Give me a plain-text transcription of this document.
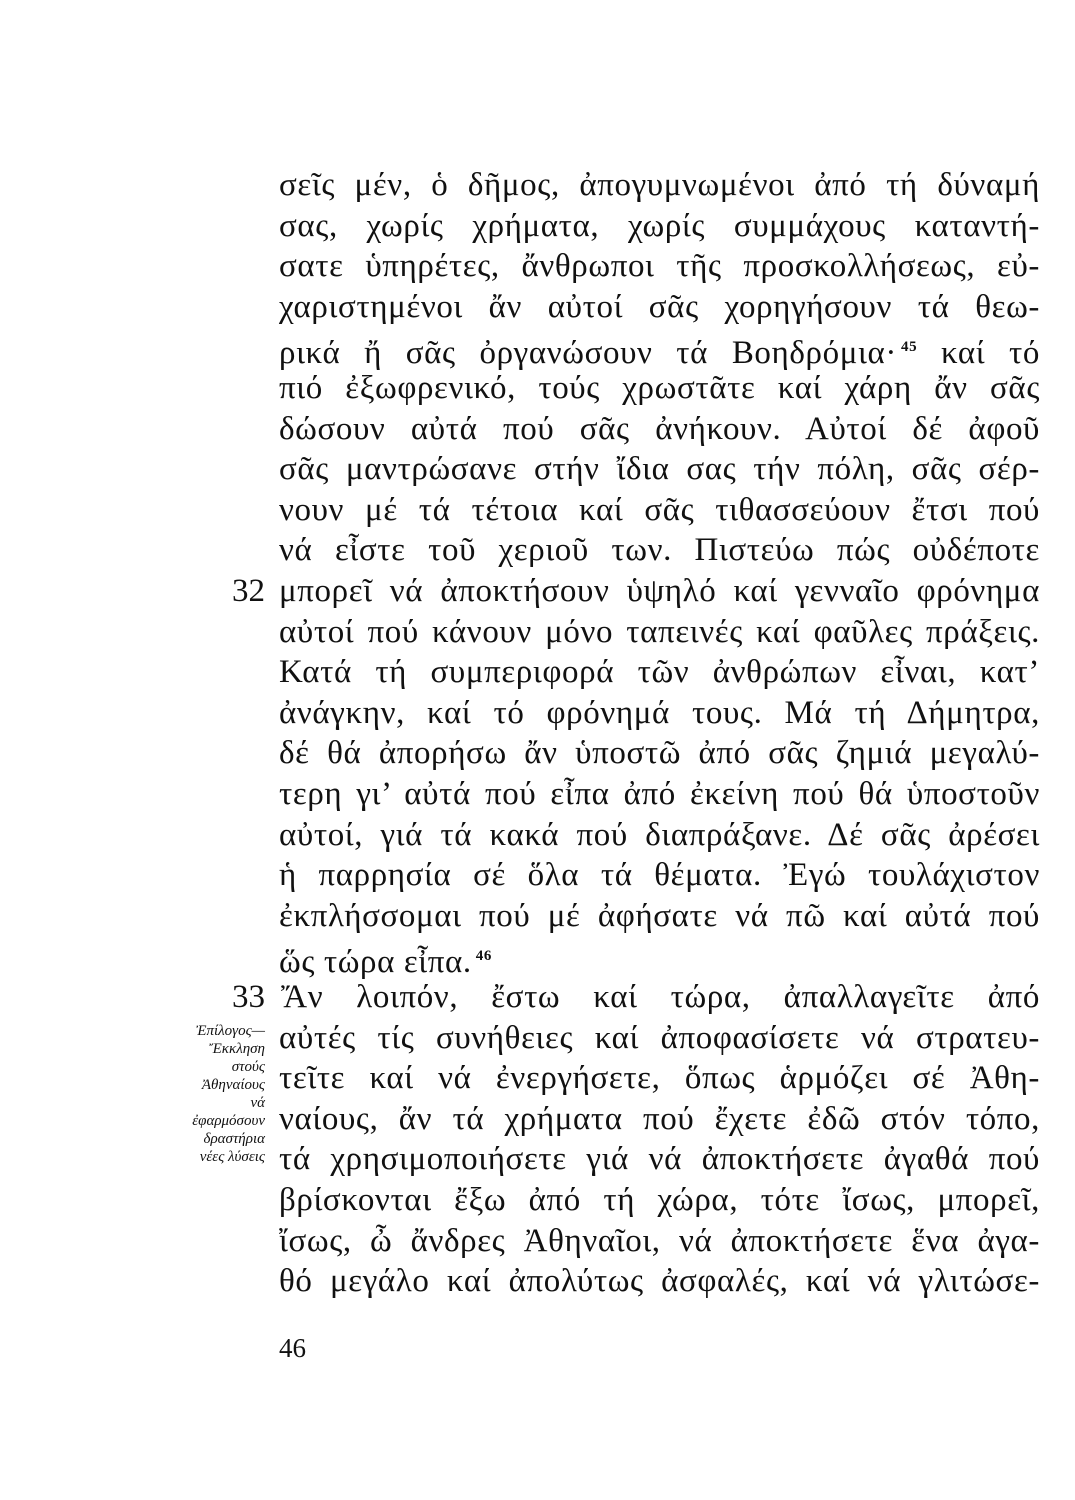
σεῖς μέν, ὁ δῆμος, ἀπογυμνωμένοι ἀπό τή δύναμή
σας, χωρίς χρήματα, χωρίς συμμάχους καταντή-
σατε ὑπηρέτες, ἄνθρωποι τῆς προσκολλήσεως, εὐ-
χαριστημένοι ἄν αὐτοί σᾶς χορηγήσουν τά θεω-
ρικά ἤ σᾶς ὀργανώσουν τά Βοηδρόμια· $^{45}$ καί τό
πιό ἐξωφρενικό, τούς χρωστᾶτε καί χάρη ἄν σᾶς
δώσουν αὐτά πού σᾶς ἀνήκουν. Αὐτοί δέ ἀφοῦ
σᾶς μαντρώσανε στήν ἴδια σας τήν πόλη, σᾶς σέρ-
νουν μέ τά τέτοια καί σᾶς τιθασσεύουν ἔτσι πού
νά εἶστε τοῦ χεριοῦ των. Πιστεύω πώς οὐδέποτε
μπορεῖ νά ἀποκτήσουν ὑψηλό καί γενναῖο φρόνημα
αὐτοί πού κάνουν μόνο ταπεινές καί φαῦλες πράξεις.
Κατά τή συμπεριφορά τῶν ἀνθρώπων εἶναι, κατ’
ἀνάγκην, καί τό φρόνημά τους. Μά τή Δήμητρα,
δέ θά ἀπορήσω ἄν ὑποστῶ ἀπό σᾶς ζημιά μεγαλύ-
τερη γι’ αὐτά πού εἶπα ἀπό ἐκείνη πού θά ὑποστοῦν
αὐτοί, γιά τά κακά πού διαπράξανε. Δέ σᾶς ἀρέσει
ἡ παρρησία σέ ὅλα τά θέματα. Ἐγώ τουλάχιστον
ἐκπλήσσομαι πού μέ ἀφήσατε νά πῶ καί αὐτά πού
ὥς τώρα εἶπα. $^{46}$
Ἄν λοιπόν, ἔστω καί τώρα, ἀπαλλαγεῖτε ἀπό
αὐτές τίς συνήθειες καί ἀποφασίσετε νά στρατευ-
τεῖτε καί νά ἐνεργήσετε, ὅπως ἁρμόζει σέ Ἀθη-
ναίους, ἄν τά χρήματα πού ἔχετε ἐδῶ στόν τόπο,
τά χρησιμοποιήσετε γιά νά ἀποκτήσετε ἀγαθά πού
βρίσκονται ἔξω ἀπό τή χώρα, τότε ἴσως, μπορεῖ,
ἴσως, ὦ ἄνδρες Ἀθηναῖοι, νά ἀποκτήσετε ἕνα ἀγα-
θό μεγάλο καί ἀπολύτως ἀσφαλές, καί νά γλιτώσε-
32
33
Ἐπίλογος—
Ἔκκληση
στούς
Ἀθηναίους
νά
ἐφαρμόσουν
δραστήρια
νέες λύσεις
46
